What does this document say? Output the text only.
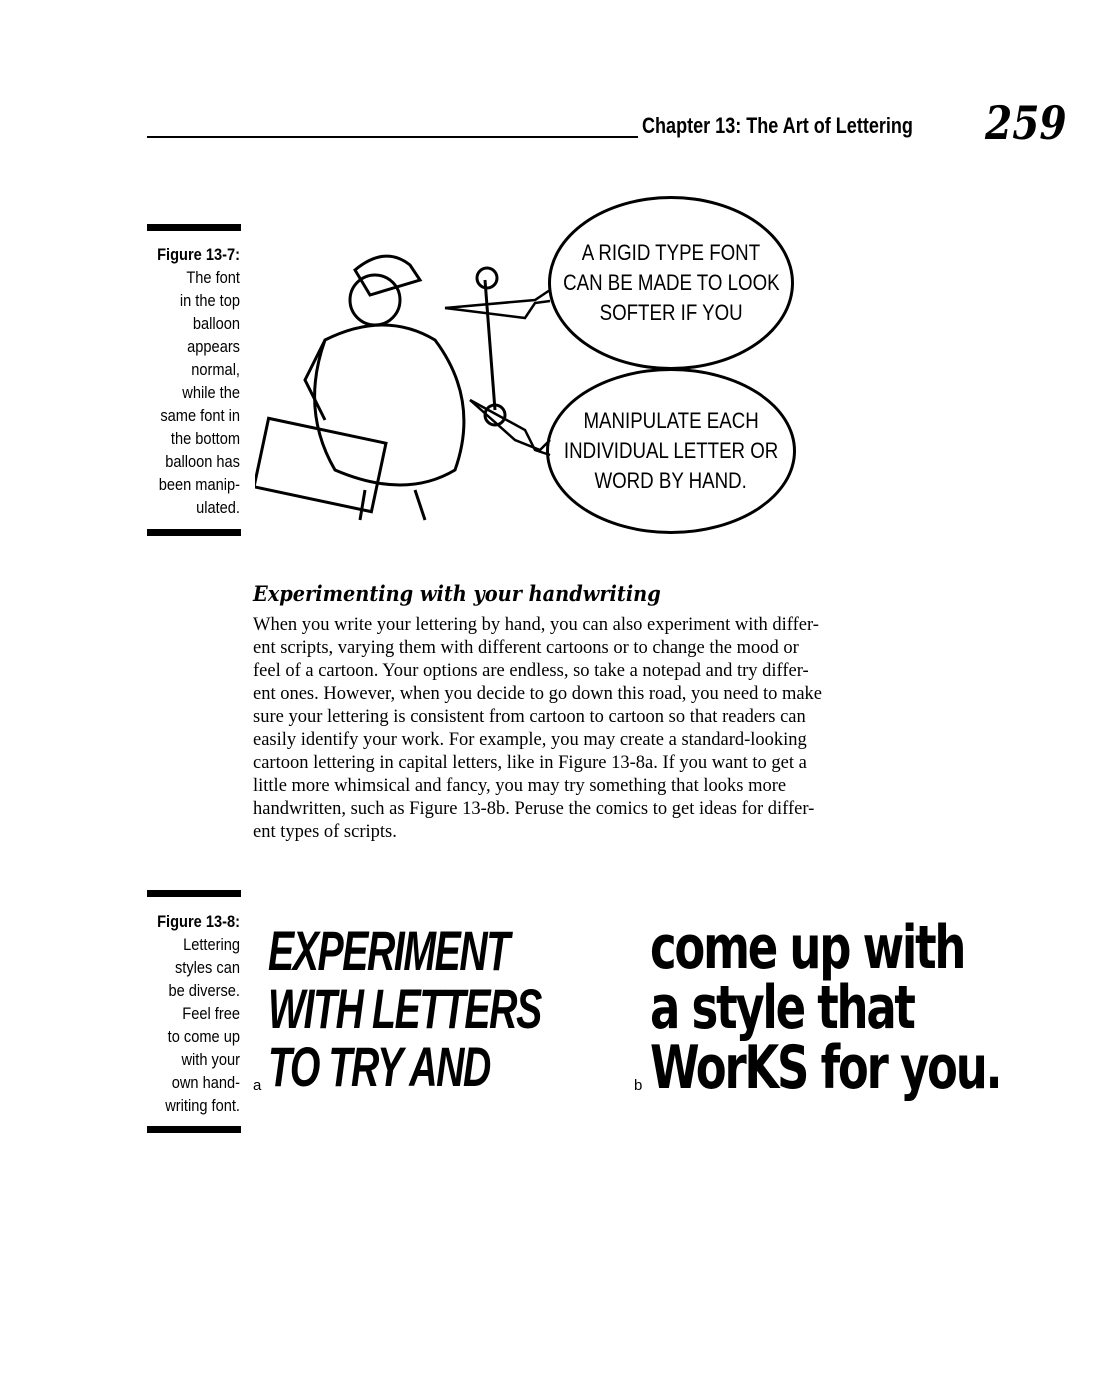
Chapter 13: The Art of Lettering 259
Figure 13-7:
The font
in the top
balloon
appears
normal,
while the
same font in
the bottom
balloon has
been manip-
ulated.
A RIGID TYPE FONT
CAN BE MADE TO LOOK
SOFTER IF YOU
MANIPULATE EACH
INDIVIDUAL LETTER OR
WORD BY HAND.
Experimenting with your handwriting
When you write your lettering by hand, you can also experiment with differ-
ent scripts, varying them with different cartoons or to change the mood or
feel of a cartoon. Your options are endless, so take a notepad and try differ-
ent ones. However, when you decide to go down this road, you need to make
sure your lettering is consistent from cartoon to cartoon so that readers can
easily identify your work. For example, you may create a standard-looking
cartoon lettering in capital letters, like in Figure 13-8a. If you want to get a
little more whimsical and fancy, you may try something that looks more
handwritten, such as Figure 13-8b. Peruse the comics to get ideas for differ-
ent types of scripts.
Figure 13-8:
Lettering
styles can
be diverse.
Feel free
to come up
with your
own hand-
writing font.
a
EXPERIMENT
WITH LETTERS
TO TRY AND	b
come up with
a style that
WorKS for you.
